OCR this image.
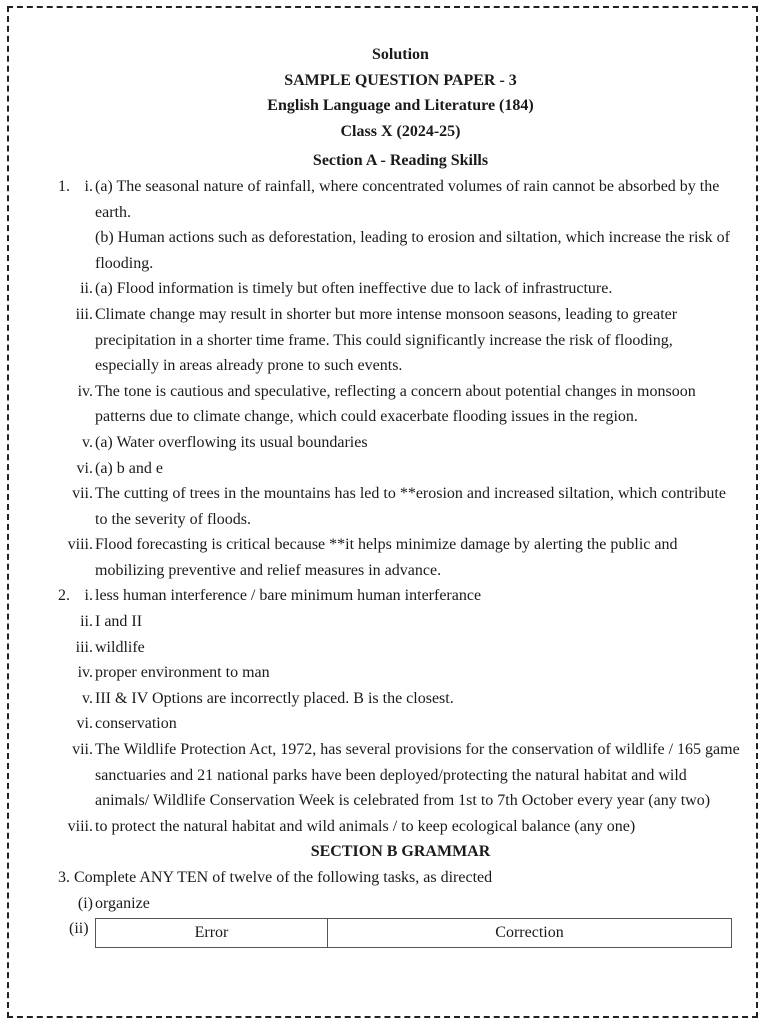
Solution
SAMPLE QUESTION PAPER - 3
English Language and Literature (184)
Class X (2024-25)
Section A - Reading Skills
1. i. (a) The seasonal nature of rainfall, where concentrated volumes of rain cannot be absorbed by the earth.
(b) Human actions such as deforestation, leading to erosion and siltation, which increase the risk of flooding.
ii. (a) Flood information is timely but often ineffective due to lack of infrastructure.
iii. Climate change may result in shorter but more intense monsoon seasons, leading to greater precipitation in a shorter time frame. This could significantly increase the risk of flooding, especially in areas already prone to such events.
iv. The tone is cautious and speculative, reflecting a concern about potential changes in monsoon patterns due to climate change, which could exacerbate flooding issues in the region.
v. (a) Water overflowing its usual boundaries
vi. (a) b and e
vii. The cutting of trees in the mountains has led to **erosion and increased siltation, which contribute to the severity of floods.
viii. Flood forecasting is critical because **it helps minimize damage by alerting the public and mobilizing preventive and relief measures in advance.
2. i. less human interference / bare minimum human interferance
ii. I and II
iii. wildlife
iv. proper environment to man
v. III & IV Options are incorrectly placed. B is the closest.
vi. conservation
vii. The Wildlife Protection Act, 1972, has several provisions for the conservation of wildlife / 165 game sanctuaries and 21 national parks have been deployed/protecting the natural habitat and wild animals/ Wildlife Conservation Week is celebrated from 1st to 7th October every year (any two)
viii. to protect the natural habitat and wild animals / to keep ecological balance (any one)
SECTION B GRAMMAR
3. Complete ANY TEN of twelve of the following tasks, as directed
(i) organize
(ii)	Error	Correction
